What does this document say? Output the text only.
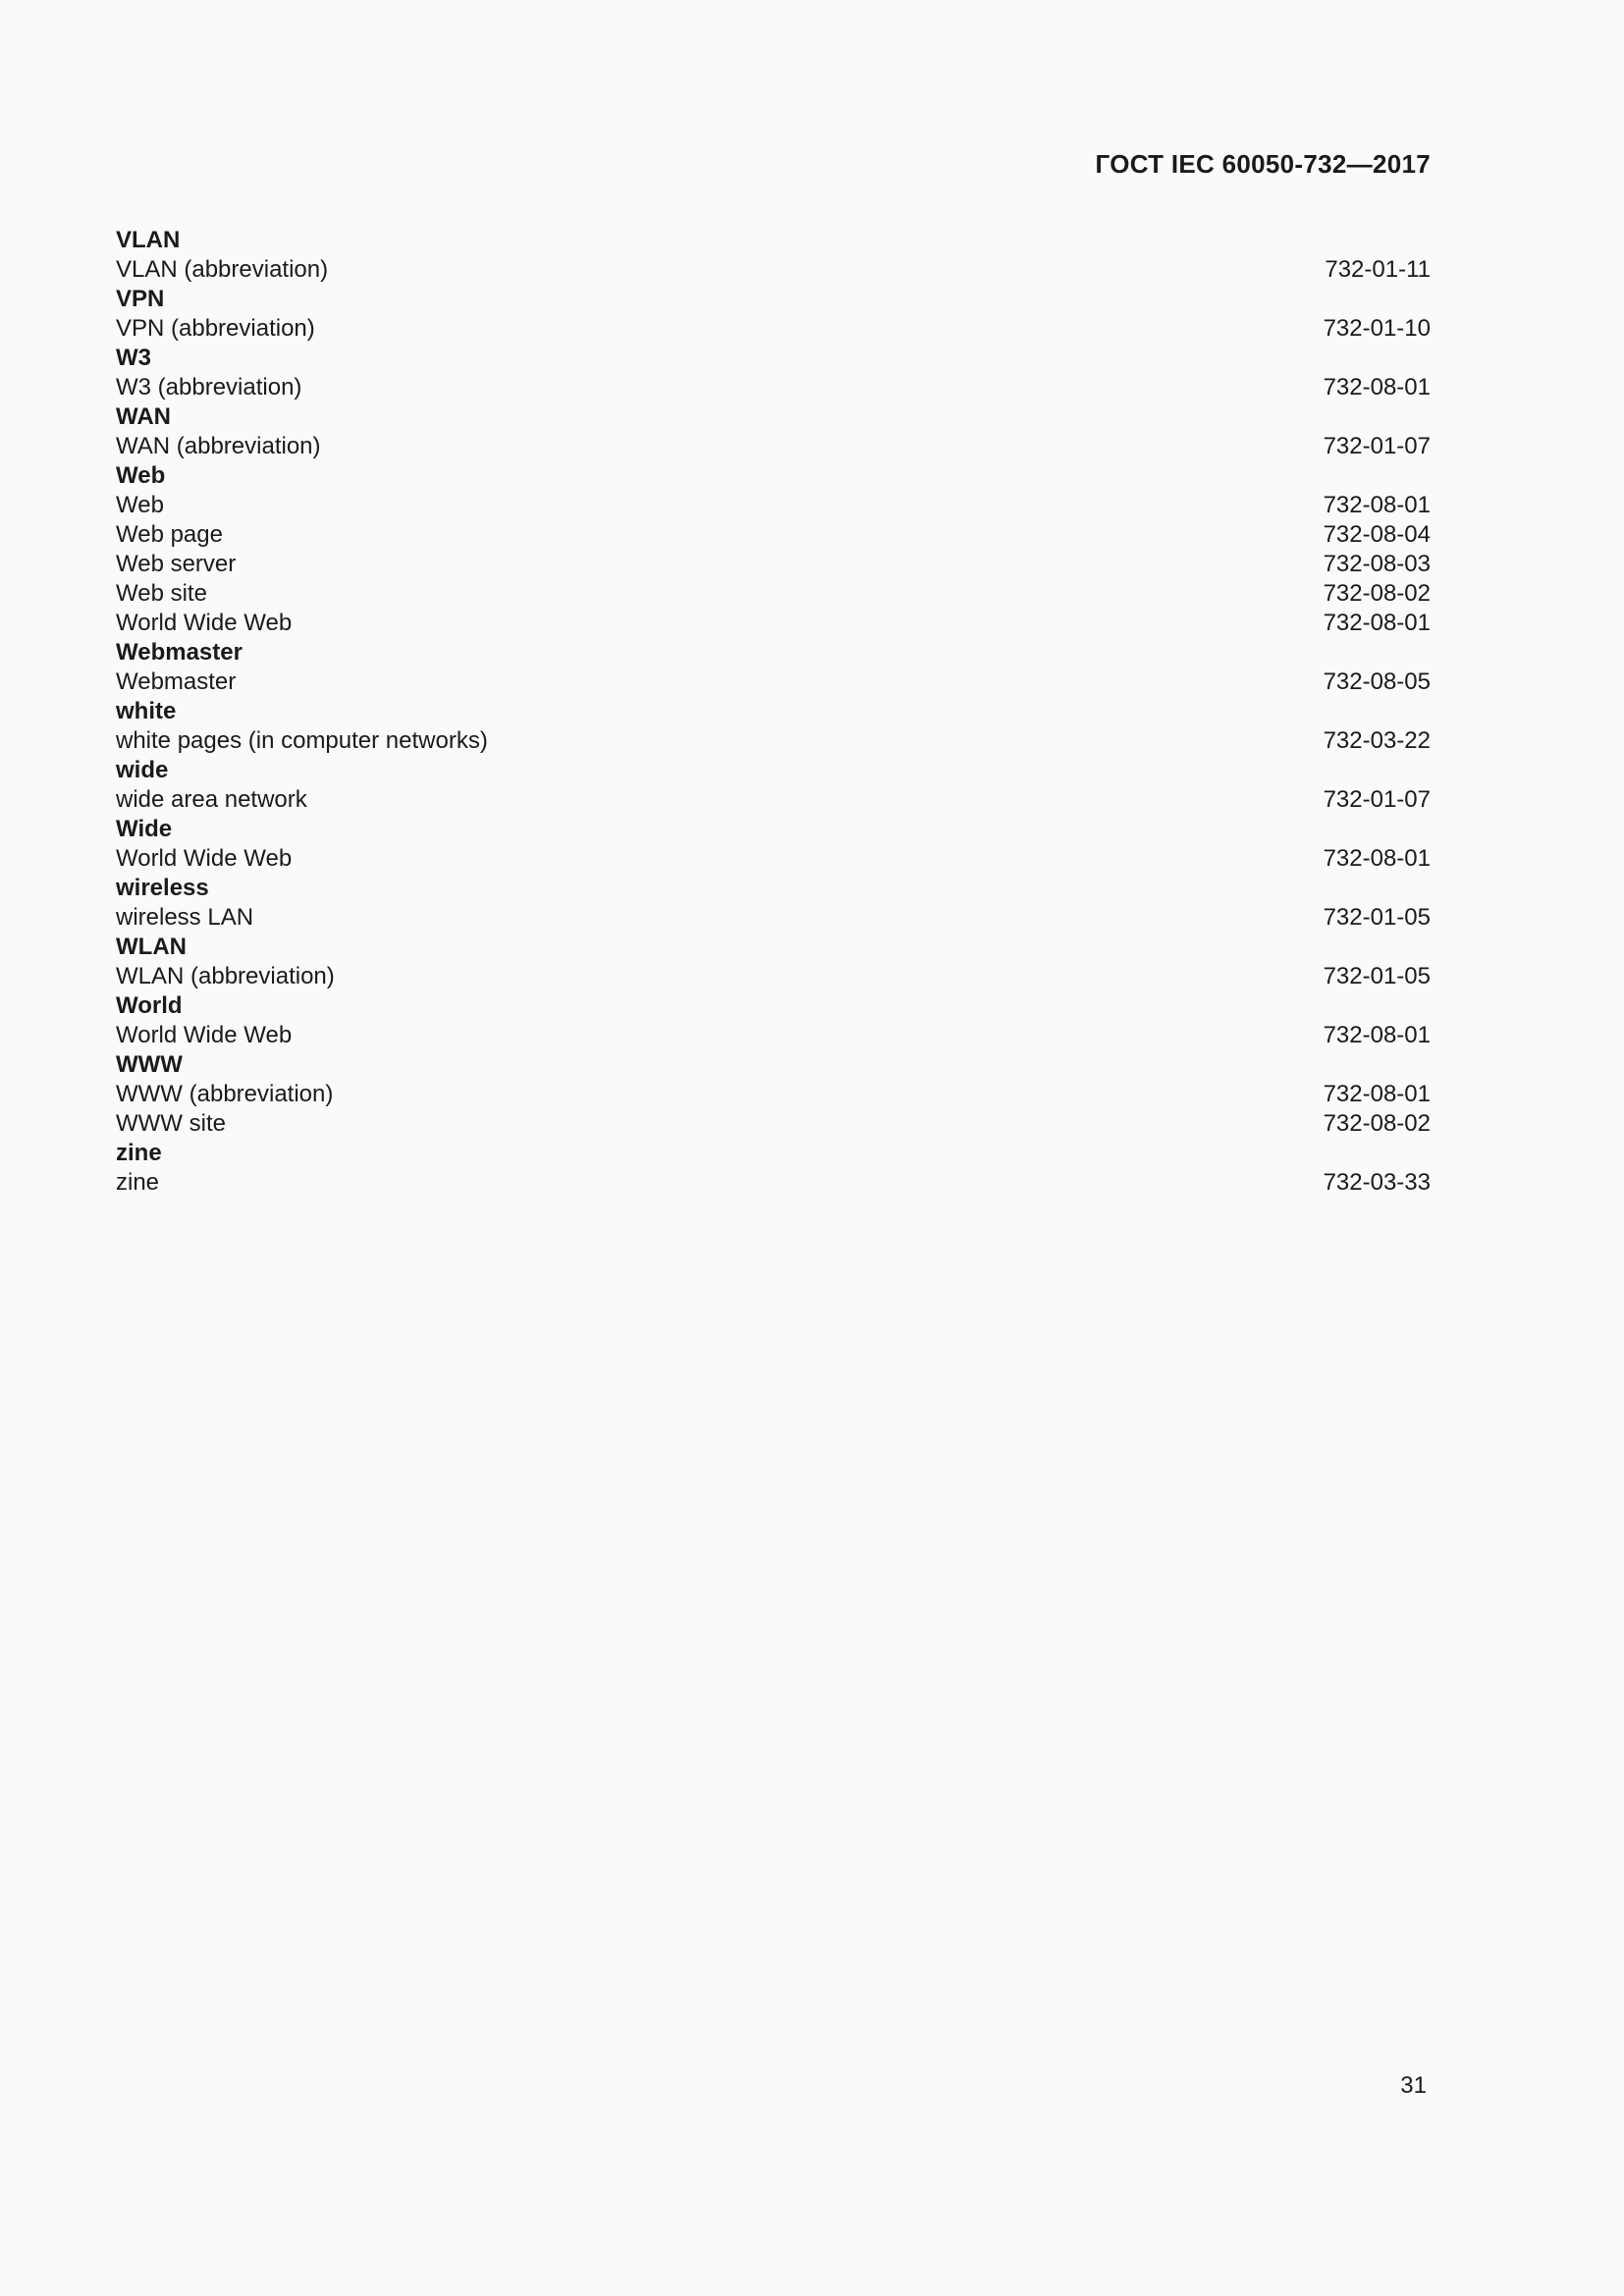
ГОСТ IEC 60050-732—2017
VLAN
VLAN (abbreviation)	732-01-11
VPN
VPN (abbreviation)	732-01-10
W3
W3 (abbreviation)	732-08-01
WAN
WAN (abbreviation)	732-01-07
Web
Web	732-08-01
Web page	732-08-04
Web server	732-08-03
Web site	732-08-02
World Wide Web	732-08-01
Webmaster
Webmaster	732-08-05
white
white pages (in computer networks)	732-03-22
wide
wide area network	732-01-07
Wide
World Wide Web	732-08-01
wireless
wireless LAN	732-01-05
WLAN
WLAN (abbreviation)	732-01-05
World
World Wide Web	732-08-01
WWW
WWW (abbreviation)	732-08-01
WWW site	732-08-02
zine
zine	732-03-33
31
